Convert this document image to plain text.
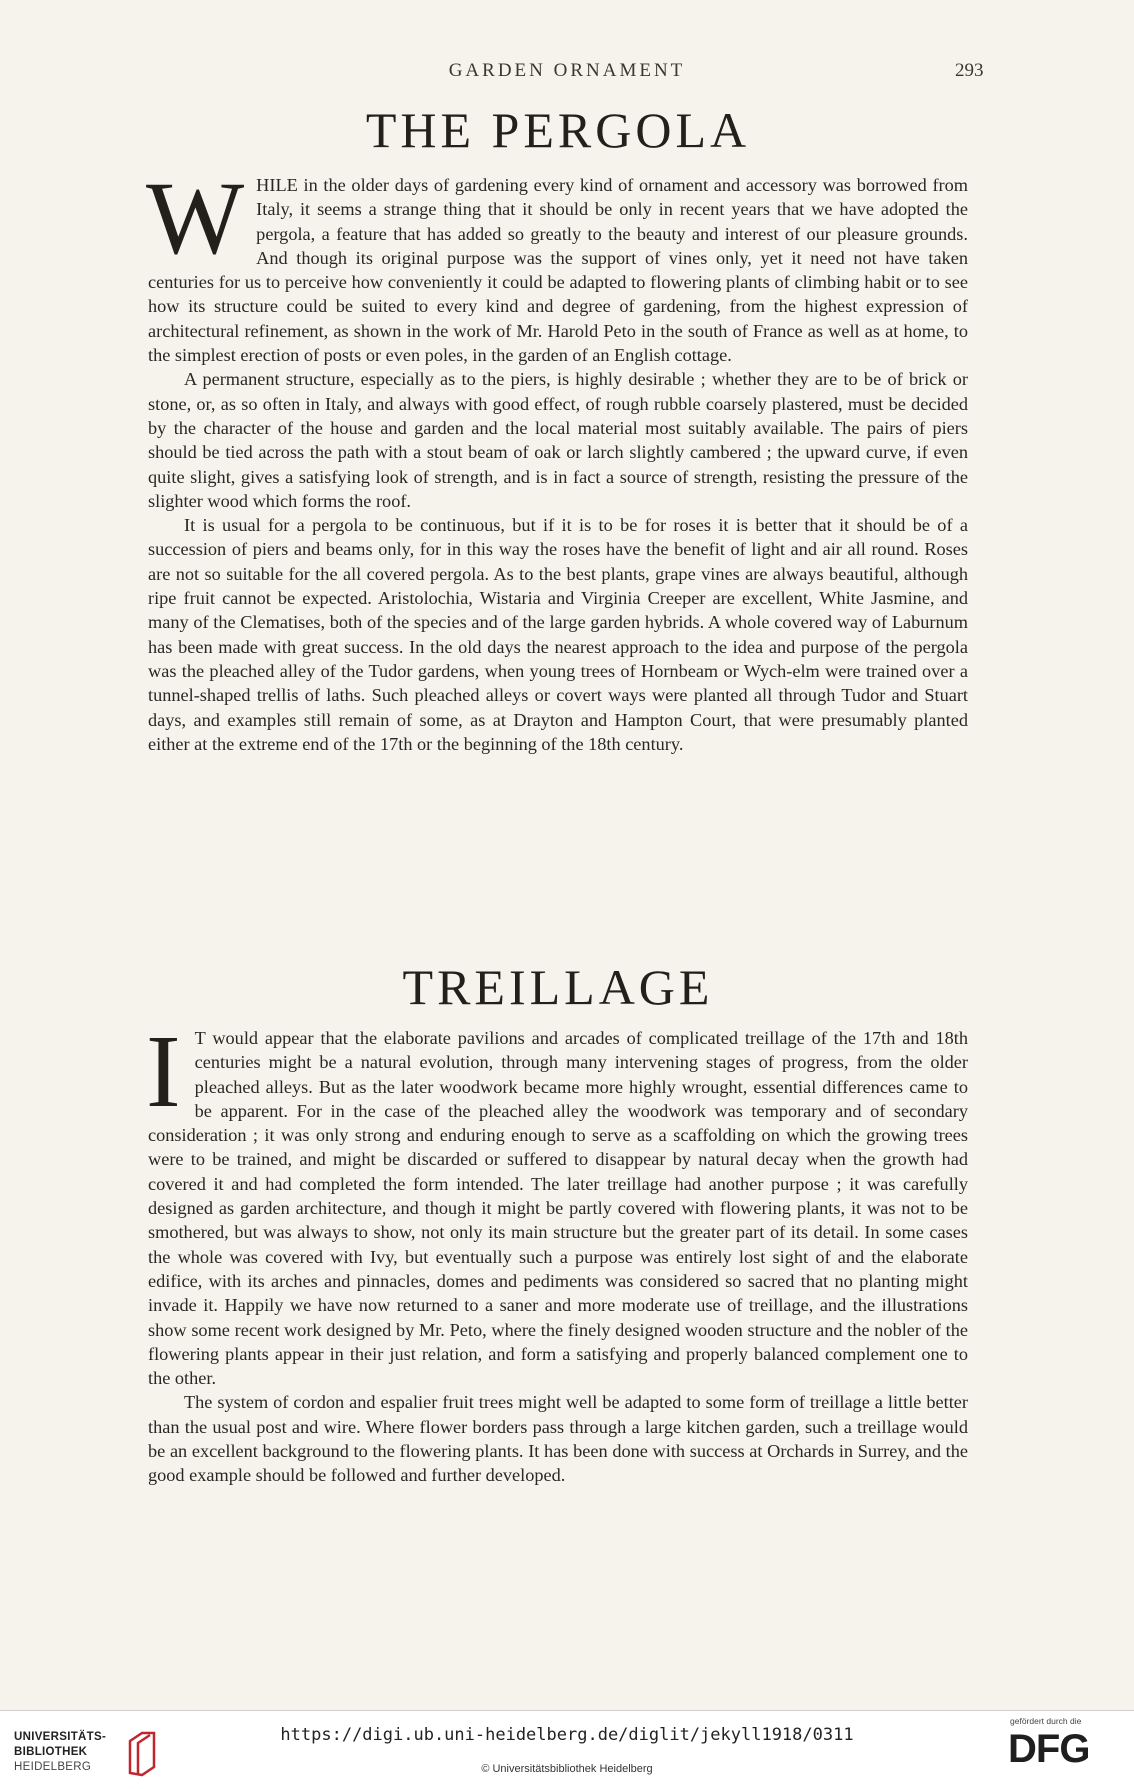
GARDEN ORNAMENT	293
THE PERGOLA

WHILE in the older days of gardening every kind of ornament and accessory was borrowed from Italy, it seems a strange thing that it should be only in recent years that we have adopted the pergola, a feature that has added so greatly to the beauty and interest of our pleasure grounds. And though its original purpose was the support of vines only, yet it need not have taken centuries for us to perceive how conveniently it could be adapted to flowering plants of climbing habit or to see how its structure could be suited to every kind and degree of gardening, from the highest expression of architectural refinement, as shown in the work of Mr. Harold Peto in the south of France as well as at home, to the simplest erection of posts or even poles, in the garden of an English cottage.

A permanent structure, especially as to the piers, is highly desirable ; whether they are to be of brick or stone, or, as so often in Italy, and always with good effect, of rough rubble coarsely plastered, must be decided by the character of the house and garden and the local material most suitably available. The pairs of piers should be tied across the path with a stout beam of oak or larch slightly cambered ; the upward curve, if even quite slight, gives a satisfying look of strength, and is in fact a source of strength, resisting the pressure of the slighter wood which forms the roof.

It is usual for a pergola to be continuous, but if it is to be for roses it is better that it should be of a succession of piers and beams only, for in this way the roses have the benefit of light and air all round. Roses are not so suitable for the all covered pergola. As to the best plants, grape vines are always beautiful, although ripe fruit cannot be expected. Aristolochia, Wistaria and Virginia Creeper are excellent, White Jasmine, and many of the Clematises, both of the species and of the large garden hybrids. A whole covered way of Laburnum has been made with great success. In the old days the nearest approach to the idea and purpose of the pergola was the pleached alley of the Tudor gardens, when young trees of Hornbeam or Wych-elm were trained over a tunnel-shaped trellis of laths. Such pleached alleys or covert ways were planted all through Tudor and Stuart days, and examples still remain of some, as at Drayton and Hampton Court, that were presumably planted either at the extreme end of the 17th or the beginning of the 18th century.

TREILLAGE

I T would appear that the elaborate pavilions and arcades of complicated treillage of the 17th and 18th centuries might be a natural evolution, through many intervening stages of progress, from the older pleached alleys. But as the later woodwork became more highly wrought, essential differences came to be apparent. For in the case of the pleached alley the woodwork was temporary and of secondary consideration ; it was only strong and enduring enough to serve as a scaffolding on which the growing trees were to be trained, and might be discarded or suffered to disappear by natural decay when the growth had covered it and had completed the form intended. The later treillage had another purpose ; it was carefully designed as garden architecture, and though it might be partly covered with flowering plants, it was not to be smothered, but was always to show, not only its main structure but the greater part of its detail. In some cases the whole was covered with Ivy, but eventually such a purpose was entirely lost sight of and the elaborate edifice, with its arches and pinnacles, domes and pediments was considered so sacred that no planting might invade it. Happily we have now returned to a saner and more moderate use of treillage, and the illustrations show some recent work designed by Mr. Peto, where the finely designed wooden structure and the nobler of the flowering plants appear in their just relation, and form a satisfying and properly balanced complement one to the other.

The system of cordon and espalier fruit trees might well be adapted to some form of treillage a little better than the usual post and wire. Where flower borders pass through a large kitchen garden, such a treillage would be an excellent background to the flowering plants. It has been done with success at Orchards in Surrey, and the good example should be followed and further developed.

UNIVERSITÄTS-
BIBLIOTHEK
HEIDELBERG
https://digi.ub.uni-heidelberg.de/diglit/jekyll1918/0311
© Universitätsbibliothek Heidelberg
gefördert durch die
DFG
